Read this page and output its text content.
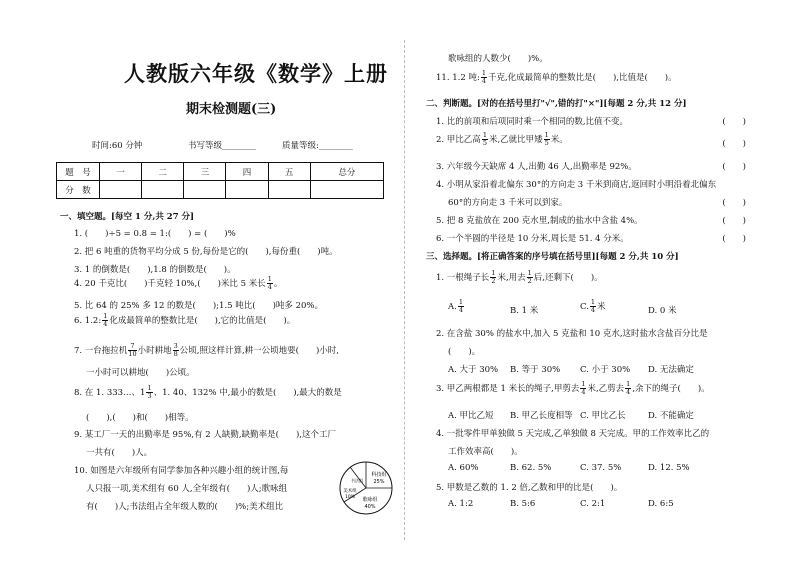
人教版六年级《数学》上册
期末检测题(三)
时间:60 分钟	书写等级________	质量等级:________
题　号	一	二	三	四	五	总分
分　数						
一、填空题。[每空 1 分,共 27 分]
1. (　　)÷5 = 0.8 = 1:(　　) = (　　)%
2. 把 6 吨重的货物平均分成 5 份,每份是它的(　　),每份重(　　)吨。
3. 1 的倒数是(　　),1.8 的倒数是(　　)。
4. 20 千克比(　　)千克轻 10%,(　　)米比 5 米长 $\frac{1}{4}$ 。
5. 比 64 的 25% 多 12 的数是(　　);1.5 吨比(　　)吨多 20%。
6. 1.2: $\frac{1}{4}$ 化成最简单的整数比是(　　),它的比值是(　　)。
7. 一台拖拉机 $\frac{7}{10}$ 小时耕地 $\frac{3}{8}$ 公顷,照这样计算,耕一公顷地要(　　)小时,
一小时可以耕地(　　)公顷。
8. 在 1. 333…、$1 \frac{1}{3}$ 、1. 40、132% 中,最小的数是(　　),最大的数是
(　　),(　　)和(　　)相等。
9. 某工厂一天的出勤率是 95%,有 2 人缺勤,缺勤率是(　　),这个工厂
一共有(　　)人。
10. 如图是六年级所有同学参加各种兴趣小组的统计图,每
人只报一项,美术组有 60 人,全年级有(　　)人;歌咏组
有(　　)人;书法组占全年级人数的(　　)%;美术组比
书法组
科技组
25%
美术组
10% 歌咏组
40%
歌咏组的人数少(　　)%。
11. 1.2 吨: $\frac{1}{4}$ 千克,化成最简单的整数比是(　　),比值是(　　)。
二、判断题。[对的在括号里打"√",错的打"×"][每题 2 分,共 12 分]
1. 比的前项和后项同时乘一个相同的数,比值不变。	(　　)
2. 甲比乙高 $\frac{1}{5}$ 米,乙就比甲矮 $\frac{1}{5}$ 米。	(　　)
3. 六年级今天缺席 4 人,出勤 46 人,出勤率是 92%。	(　　)
4. 小明从家沿着北偏东 30°的方向走 3 千米到商店,返回时小明沿着北偏东
60°的方向走 3 千米可以到家。	(　　)
5. 把 8 克盐放在 200 克水里,制成的盐水中含盐 4%。	(　　)
6. 一个半圆的半径是 10 分米,周长是 51. 4 分米。	(　　)
三、选择题。[将正确答案的序号填在括号里][每题 2 分,共 10 分]
1. 一根绳子长 $\frac{1}{2}$ 米,用去 $\frac{1}{2}$ 后,还剩下(　　)。
A. $\frac{1}{4}$	B. 1 米	C. $\frac{1}{4}$ 米	D. 0 米
2. 在含盐 30% 的盐水中,加入 5 克盐和 10 克水,这时盐水含盐百分比是
(　　)。
A. 大于 30% B. 等于 30% C. 小于 30% D. 无法确定
3. 甲乙两根都是 1 米长的绳子,甲剪去 $\frac{1}{4}$ 米,乙剪去 $\frac{1}{4}$ ,余下的绳子(　　)。
A. 甲比乙短 B. 甲乙长度相等 C. 甲比乙长	D. 不能确定
4. 一批零件甲单独做 5 天完成,乙单独做 8 天完成。甲的工作效率比乙的
工作效率高(　　)。
A. 60%	B. 62. 5%	C. 37. 5%	D. 12. 5%
5. 甲数是乙数的 1. 2 倍,乙数和甲的比是(　　)。
A. 1:2	B. 5:6	C. 2:1	D. 6:5
